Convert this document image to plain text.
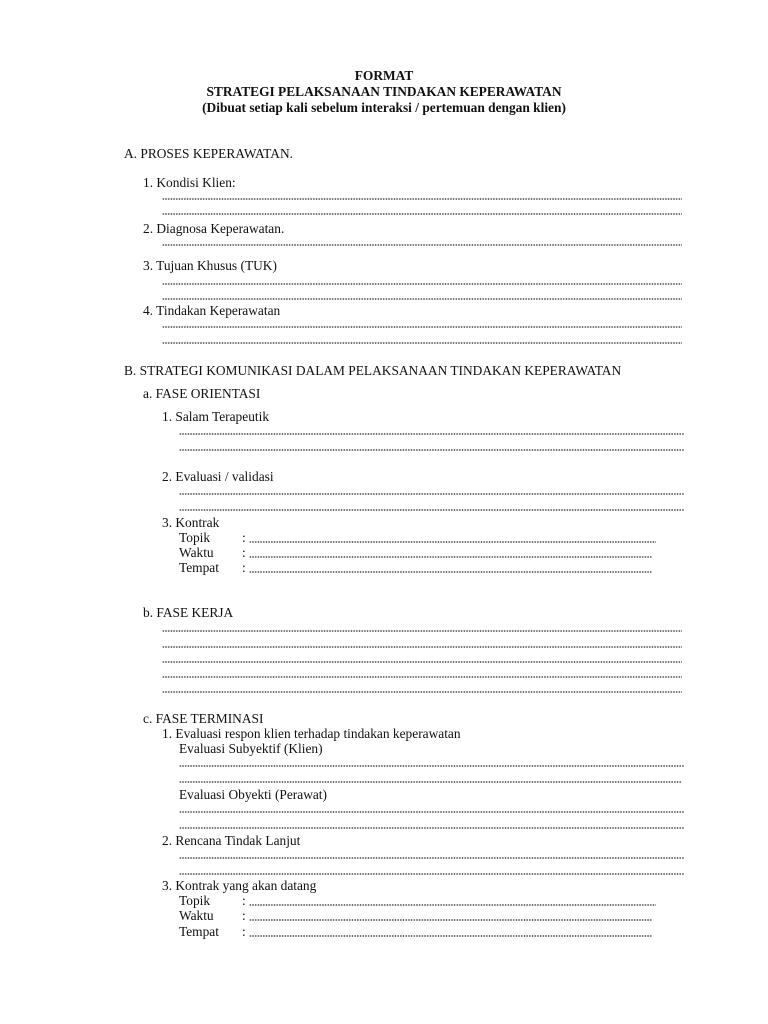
FORMAT
STRATEGI PELAKSANAAN TINDAKAN KEPERAWATAN
(Dibuat setiap kali sebelum interaksi / pertemuan dengan klien)
A. PROSES KEPERAWATAN.
1. Kondisi Klien:
2. Diagnosa Keperawatan.
3. Tujuan Khusus (TUK)
4. Tindakan Keperawatan
B. STRATEGI KOMUNIKASI DALAM PELAKSANAAN TINDAKAN KEPERAWATAN
a. FASE ORIENTASI
1. Salam Terapeutik
2. Evaluasi / validasi
3. Kontrak
Topik :
Waktu :
Tempat :
b. FASE KERJA
c. FASE TERMINASI
1. Evaluasi respon klien terhadap tindakan keperawatan
Evaluasi Subyektif (Klien)
Evaluasi Obyekti (Perawat)
2. Rencana Tindak Lanjut
3. Kontrak yang akan datang
Topik :
Waktu :
Tempat :
